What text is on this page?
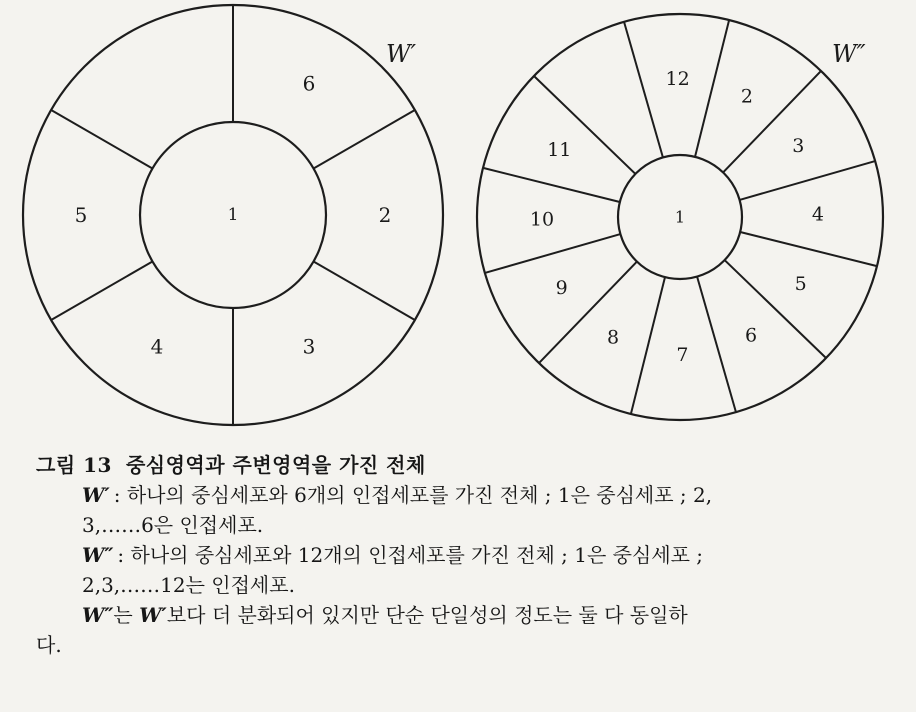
6
2
3
4
5	1
12
2
3
4
5
6
7
8
9
10
11
1
W′	W″
그림 13 중심영역과 주변영역을 가진 전체
W′ : 하나의 중심세포와 6개의 인접세포를 가진 전체 ; 1은 중심세포 ; 2,
3,……6은 인접세포.
W″ : 하나의 중심세포와 12개의 인접세포를 가진 전체 ; 1은 중심세포 ;
2,3,……12는 인접세포.
W″는 W′보다 더 분화되어 있지만 단순 단일성의 정도는 둘 다 동일하
다.
